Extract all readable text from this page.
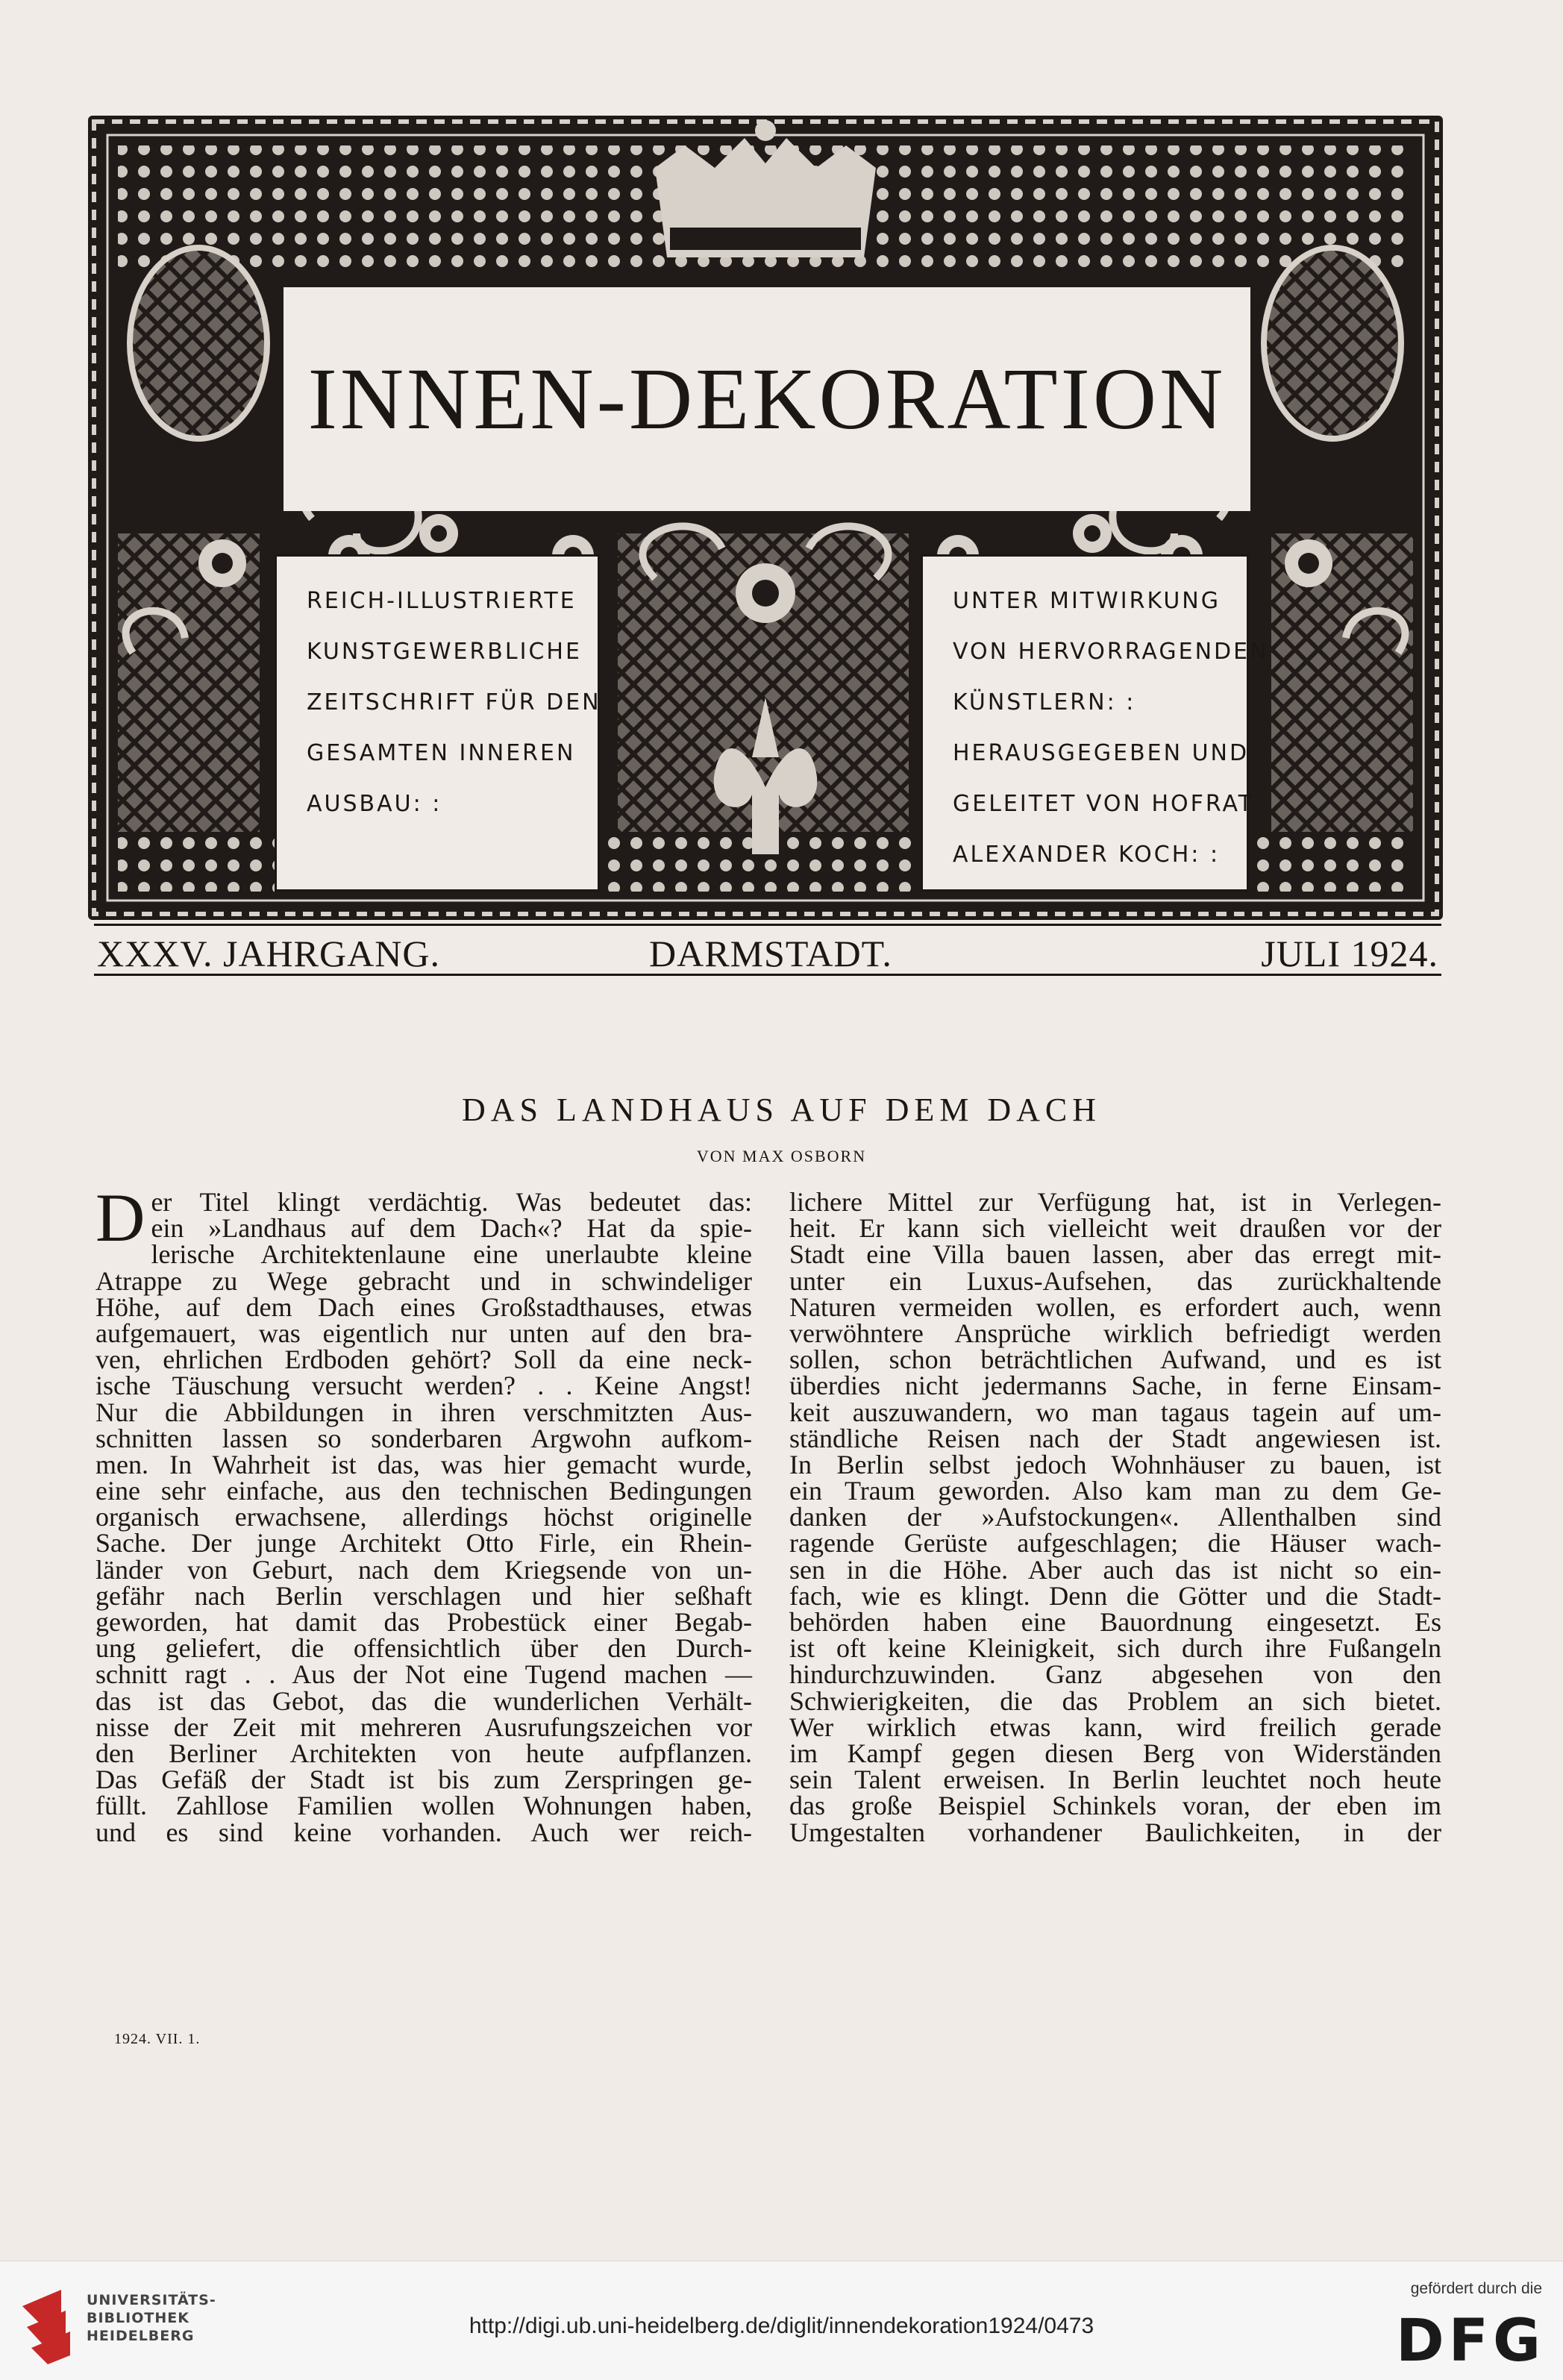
INNEN-DEKORATION
REICH-ILLUSTRIERTE
KUNSTGEWERBLICHE
ZEITSCHRIFT FÜR DEN
GESAMTEN INNEREN
AUSBAU: :
UNTER MITWIRKUNG
VON HERVORRAGENDEN
KÜNSTLERN: :
HERAUSGEGEBEN UND
GELEITET VON HOFRAT
ALEXANDER KOCH: :
XXXV. JAHRGANG.	DARMSTADT.	JULI 1924.
DAS LANDHAUS AUF DEM DACH
VON MAX OSBORN
D er Titel klingt verdächtig. Was bedeutet das:
ein »Landhaus auf dem Dach«? Hat da spie-
lerische Architektenlaune eine unerlaubte kleine
Atrappe zu Wege gebracht und in schwindeliger
Höhe, auf dem Dach eines Großstadthauses, etwas
aufgemauert, was eigentlich nur unten auf den bra-
ven, ehrlichen Erdboden gehört? Soll da eine neck-
ische Täuschung versucht werden? . . Keine Angst!
Nur die Abbildungen in ihren verschmitzten Aus-
schnitten lassen so sonderbaren Argwohn aufkom-
men. In Wahrheit ist das, was hier gemacht wurde,
eine sehr einfache, aus den technischen Bedingungen
organisch erwachsene, allerdings höchst originelle
Sache. Der junge Architekt Otto Firle, ein Rhein-
länder von Geburt, nach dem Kriegsende von un-
gefähr nach Berlin verschlagen und hier seßhaft
geworden, hat damit das Probestück einer Begab-
ung geliefert, die offensichtlich über den Durch-
schnitt ragt . . Aus der Not eine Tugend machen —
das ist das Gebot, das die wunderlichen Verhält-
nisse der Zeit mit mehreren Ausrufungszeichen vor
den Berliner Architekten von heute aufpflanzen.
Das Gefäß der Stadt ist bis zum Zerspringen ge-
füllt. Zahllose Familien wollen Wohnungen haben,
und es sind keine vorhanden. Auch wer reich-
lichere Mittel zur Verfügung hat, ist in Verlegen-
heit. Er kann sich vielleicht weit draußen vor der
Stadt eine Villa bauen lassen, aber das erregt mit-
unter ein Luxus-Aufsehen, das zurückhaltende
Naturen vermeiden wollen, es erfordert auch, wenn
verwöhntere Ansprüche wirklich befriedigt werden
sollen, schon beträchtlichen Aufwand, und es ist
überdies nicht jedermanns Sache, in ferne Einsam-
keit auszuwandern, wo man tagaus tagein auf um-
ständliche Reisen nach der Stadt angewiesen ist.
In Berlin selbst jedoch Wohnhäuser zu bauen, ist
ein Traum geworden. Also kam man zu dem Ge-
danken der »Aufstockungen«. Allenthalben sind
ragende Gerüste aufgeschlagen; die Häuser wach-
sen in die Höhe. Aber auch das ist nicht so ein-
fach, wie es klingt. Denn die Götter und die Stadt-
behörden haben eine Bauordnung eingesetzt. Es
ist oft keine Kleinigkeit, sich durch ihre Fußangeln
hindurchzuwinden. Ganz abgesehen von den
Schwierigkeiten, die das Problem an sich bietet.
Wer wirklich etwas kann, wird freilich gerade
im Kampf gegen diesen Berg von Widerständen
sein Talent erweisen. In Berlin leuchtet noch heute
das große Beispiel Schinkels voran, der eben im
Umgestalten vorhandener Baulichkeiten, in der
1924. VII. 1.
UNIVERSITÄTS-
BIBLIOTHEK
HEIDELBERG	http://digi.ub.uni-heidelberg.de/diglit/innendekoration1924/0473
gefördert durch die
DFG
